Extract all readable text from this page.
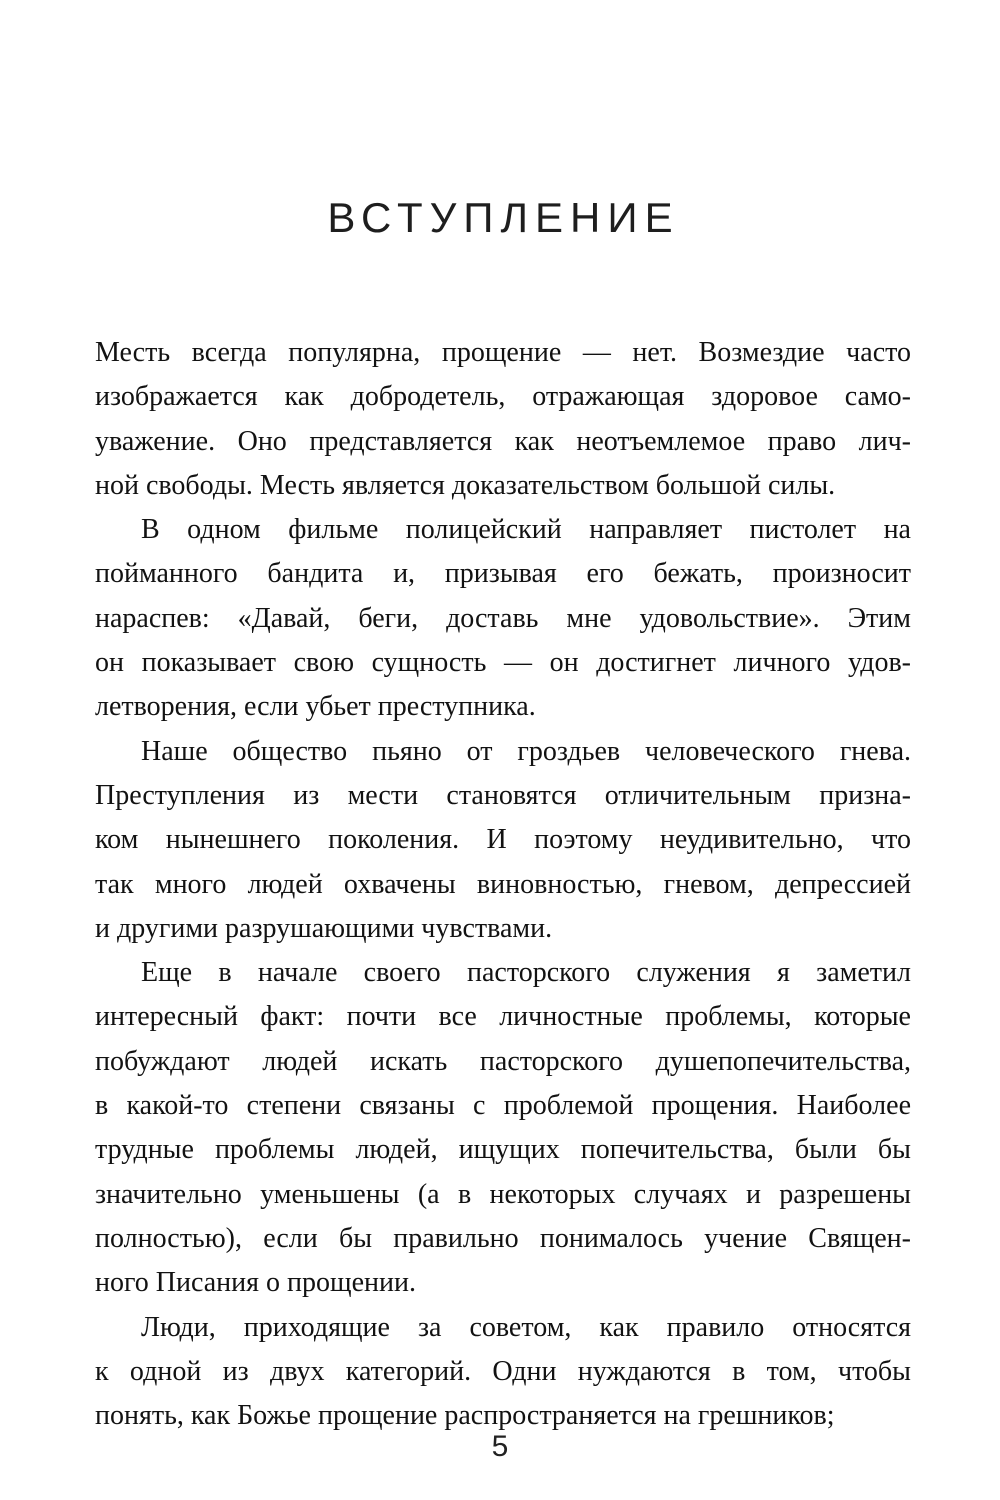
ВСТУПЛЕНИЕ
Месть всегда популярна, прощение — нет. Возмездие часто
изображается как добродетель, отражающая здоровое само-
уважение. Оно представляется как неотъемлемое право лич-
ной свободы. Месть является доказательством большой силы.
В одном фильме полицейский направляет пистолет на
пойманного бандита и, призывая его бежать, произносит
нараспев: «Давай, беги, доставь мне удовольствие». Этим
он показывает свою сущность — он достигнет личного удов-
летворения, если убьет преступника.
Наше общество пьяно от гроздьев человеческого гнева.
Преступления из мести становятся отличительным призна-
ком нынешнего поколения. И поэтому неудивительно, что
так много людей охвачены виновностью, гневом, депрессией
и другими разрушающими чувствами.
Еще в начале своего пасторского служения я заметил
интересный факт: почти все личностные проблемы, которые
побуждают людей искать пасторского душепопечительства,
в какой-то степени связаны с проблемой прощения. Наиболее
трудные проблемы людей, ищущих попечительства, были бы
значительно уменьшены (а в некоторых случаях и разрешены
полностью), если бы правильно понималось учение Священ-
ного Писания о прощении.
Люди, приходящие за советом, как правило относятся
к одной из двух категорий. Одни нуждаются в том, чтобы
понять, как Божье прощение распространяется на грешников;
5
